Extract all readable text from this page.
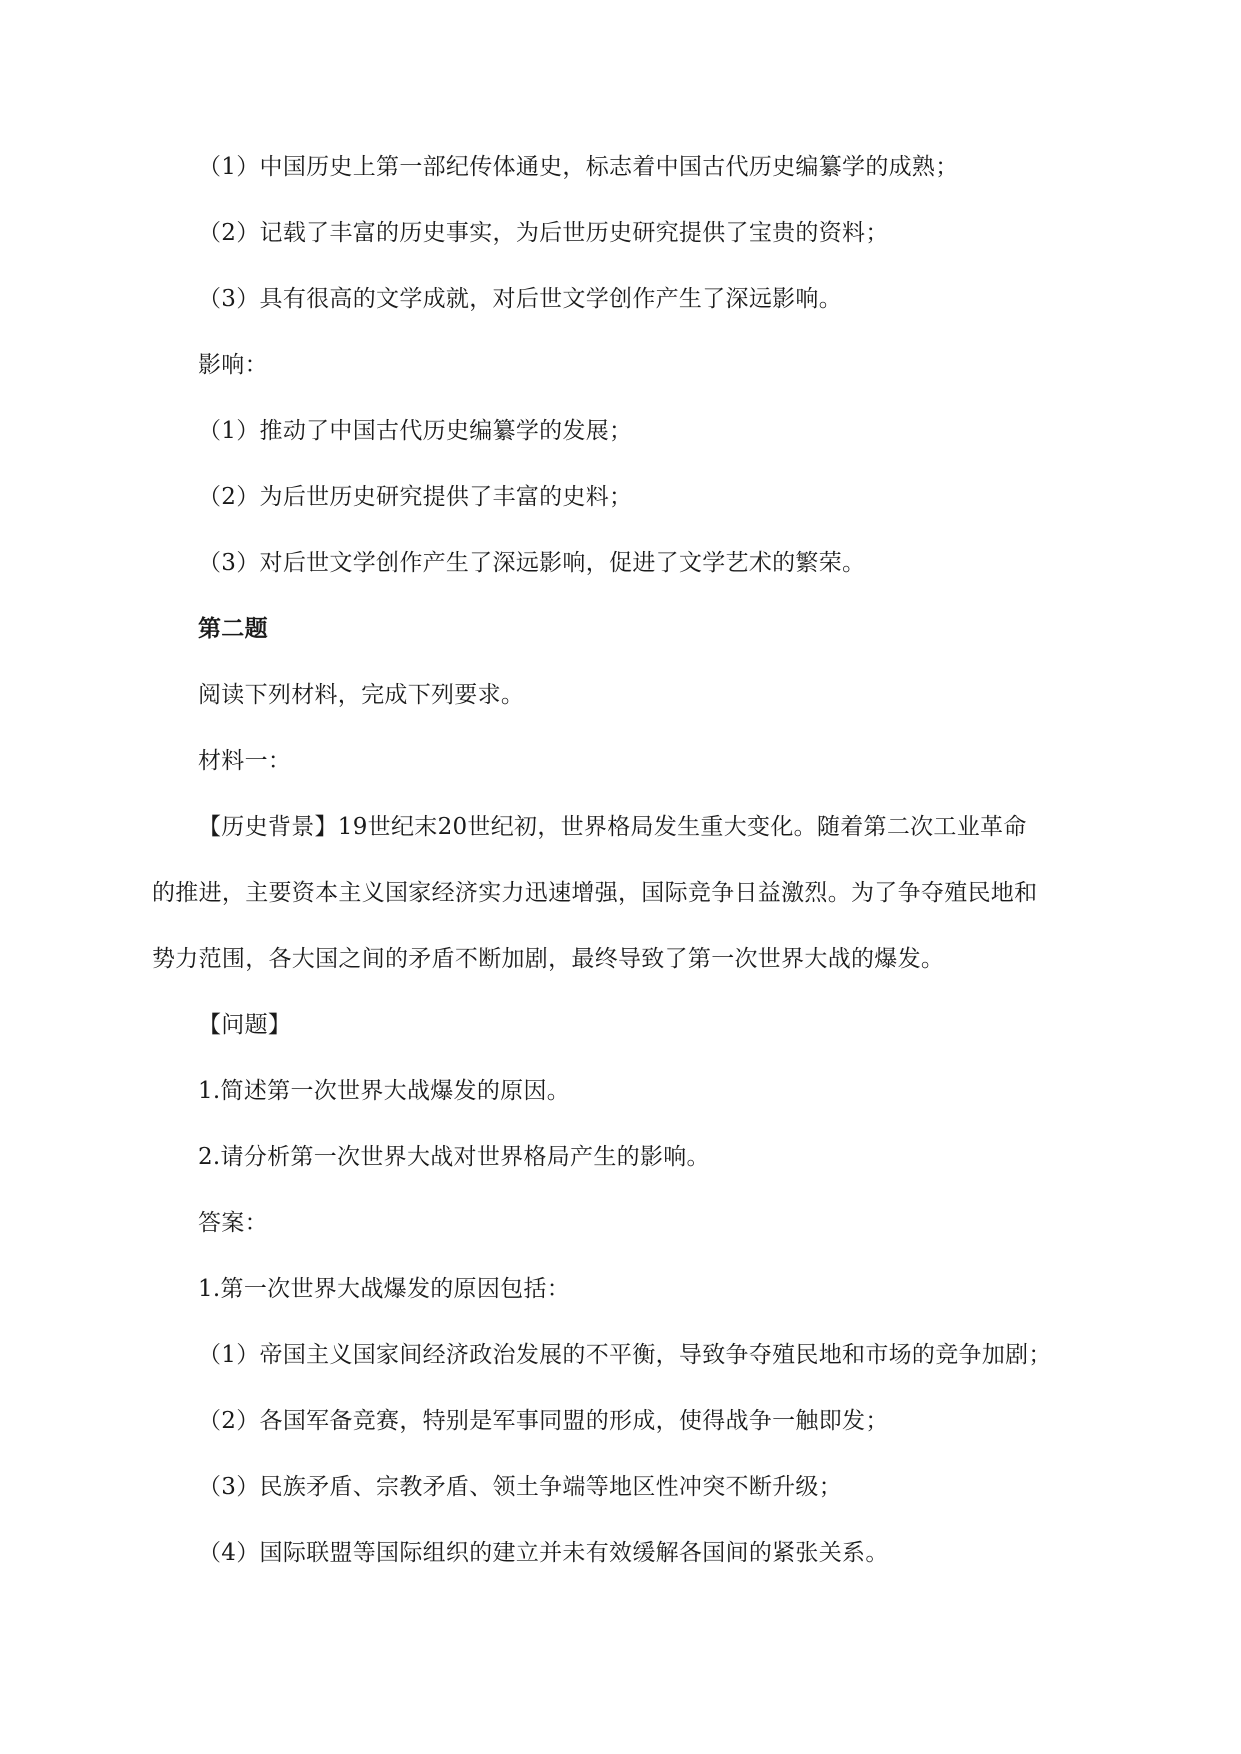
（1）中国历史上第一部纪传体通史，标志着中国古代历史编纂学的成熟；
（2）记载了丰富的历史事实，为后世历史研究提供了宝贵的资料；
（3）具有很高的文学成就，对后世文学创作产生了深远影响。
影响：
（1）推动了中国古代历史编纂学的发展；
（2）为后世历史研究提供了丰富的史料；
（3）对后世文学创作产生了深远影响，促进了文学艺术的繁荣。
第二题
阅读下列材料，完成下列要求。
材料一：
【历史背景】19世纪末20世纪初，世界格局发生重大变化。随着第二次工业革命
的推进，主要资本主义国家经济实力迅速增强，国际竞争日益激烈。为了争夺殖民地和
势力范围，各大国之间的矛盾不断加剧，最终导致了第一次世界大战的爆发。
【问题】
1.简述第一次世界大战爆发的原因。
2.请分析第一次世界大战对世界格局产生的影响。
答案：
1.第一次世界大战爆发的原因包括：
（1）帝国主义国家间经济政治发展的不平衡，导致争夺殖民地和市场的竞争加剧；
（2）各国军备竞赛，特别是军事同盟的形成，使得战争一触即发；
（3）民族矛盾、宗教矛盾、领土争端等地区性冲突不断升级；
（4）国际联盟等国际组织的建立并未有效缓解各国间的紧张关系。
